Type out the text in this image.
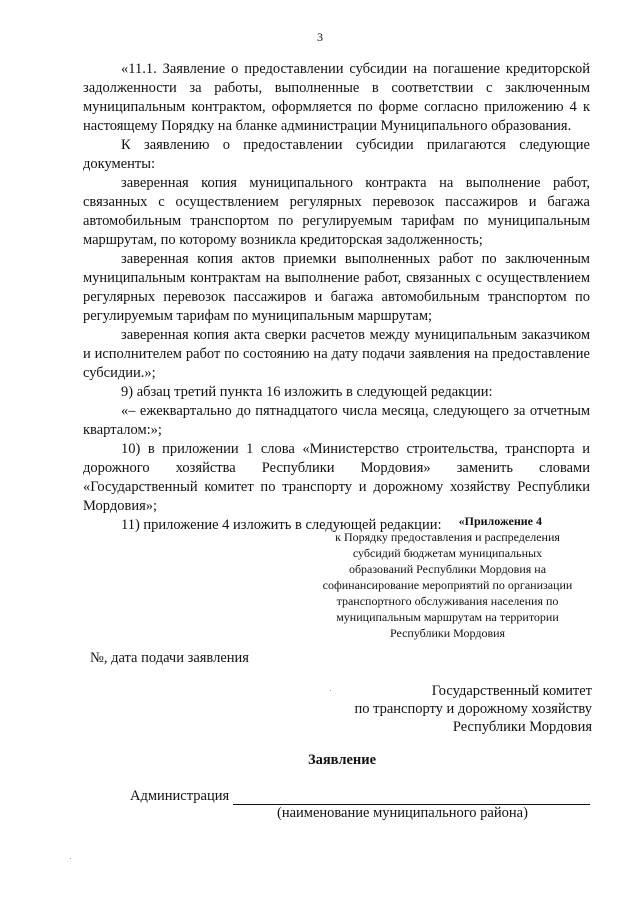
3

«11.1. Заявление о предоставлении субсидии на погашение кредиторской задолженности за работы, выполненные в соответствии с заключенным муниципальным контрактом, оформляется по форме согласно приложению 4 к настоящему Порядку на бланке администрации Муниципального образования.

К заявлению о предоставлении субсидии прилагаются следующие документы:

заверенная копия муниципального контракта на выполнение работ, связанных с осуществлением регулярных перевозок пассажиров и багажа автомобильным транспортом по регулируемым тарифам по муниципальным маршрутам, по которому возникла кредиторская задолженность;

заверенная копия актов приемки выполненных работ по заключенным муниципальным контрактам на выполнение работ, связанных с осуществлением регулярных перевозок пассажиров и багажа автомобильным транспортом по регулируемым тарифам по муниципальным маршрутам;

заверенная копия акта сверки расчетов между муниципальным заказчиком и исполнителем работ по состоянию на дату подачи заявления на предоставление субсидии.»;

9) абзац третий пункта 16 изложить в следующей редакции:

«– ежеквартально до пятнадцатого числа месяца, следующего за отчетным кварталом:»;

10) в приложении 1 слова «Министерство строительства, транспорта и дорожного хозяйства Республики Мордовия» заменить словами «Государственный комитет по транспорту и дорожному хозяйству Республики Мордовия»;

11) приложение 4 изложить в следующей редакции:	«Приложение 4
к Порядку предоставления и распределения
субсидий бюджетам муниципальных
образований Республики Мордовия на
софинансирование мероприятий по организации
транспортного обслуживания населения по
муниципальным маршрутам на территории
Республики Мордовия
№, дата подачи заявления
Государственный комитет
по транспорту и дорожному хозяйству
Республики Мордовия
Заявление
Администрация
(наименование муниципального района)
